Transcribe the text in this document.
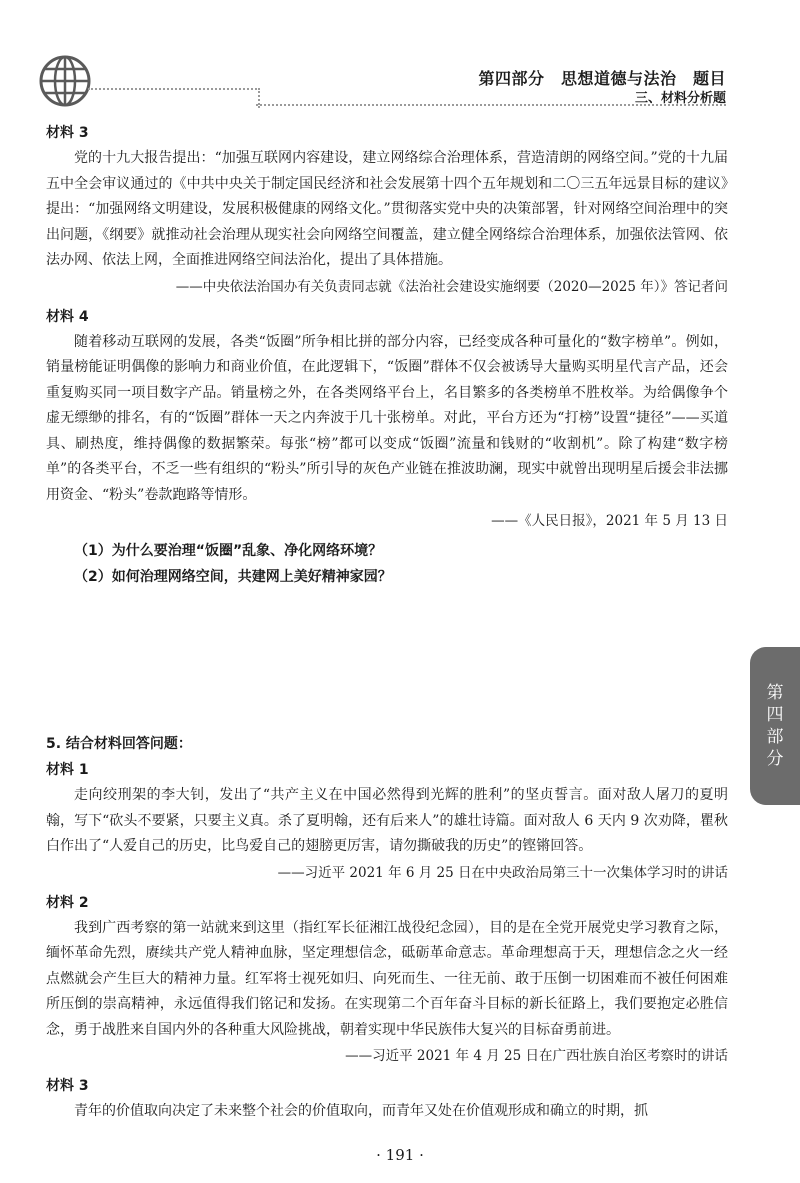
第四部分　思想道德与法治　题目
三、材料分析题
材料 3

党的十九大报告提出：“加强互联网内容建设，建立网络综合治理体系，营造清朗的网络空间。”党的十九届五中全会审议通过的《中共中央关于制定国民经济和社会发展第十四个五年规划和二〇三五年远景目标的建议》提出：“加强网络文明建设，发展积极健康的网络文化。”贯彻落实党中央的决策部署，针对网络空间治理中的突出问题，《纲要》就推动社会治理从现实社会向网络空间覆盖，建立健全网络综合治理体系，加强依法管网、依法办网、依法上网，全面推进网络空间法治化，提出了具体措施。

——中央依法治国办有关负责同志就《法治社会建设实施纲要（2020—2025 年）》答记者问

材料 4

随着移动互联网的发展，各类“饭圈”所争相比拼的部分内容，已经变成各种可量化的“数字榜单”。例如，销量榜能证明偶像的影响力和商业价值，在此逻辑下，“饭圈”群体不仅会被诱导大量购买明星代言产品，还会重复购买同一项目数字产品。销量榜之外，在各类网络平台上，名目繁多的各类榜单不胜枚举。为给偶像争个虚无缥缈的排名，有的“饭圈”群体一天之内奔波于几十张榜单。对此，平台方还为“打榜”设置“捷径”——买道具、刷热度，维持偶像的数据繁荣。每张“榜”都可以变成“饭圈”流量和钱财的“收割机”。除了构建“数字榜单”的各类平台，不乏一些有组织的“粉头”所引导的灰色产业链在推波助澜，现实中就曾出现明星后援会非法挪用资金、“粉头”卷款跑路等情形。

——《人民日报》，2021 年 5 月 13 日

（1）为什么要治理“饭圈”乱象、净化网络环境？

（2）如何治理网络空间，共建网上美好精神家园？

5. 结合材料回答问题：
材料 1

走向绞刑架的李大钊，发出了“共产主义在中国必然得到光辉的胜利”的坚贞誓言。面对敌人屠刀的夏明翰，写下“砍头不要紧，只要主义真。杀了夏明翰，还有后来人”的雄壮诗篇。面对敌人 6 天内 9 次劝降，瞿秋白作出了“人爱自己的历史，比鸟爱自己的翅膀更厉害，请勿撕破我的历史”的铿锵回答。

——习近平 2021 年 6 月 25 日在中央政治局第三十一次集体学习时的讲话

材料 2

我到广西考察的第一站就来到这里（指红军长征湘江战役纪念园），目的是在全党开展党史学习教育之际，缅怀革命先烈，赓续共产党人精神血脉，坚定理想信念，砥砺革命意志。革命理想高于天，理想信念之火一经点燃就会产生巨大的精神力量。红军将士视死如归、向死而生、一往无前、敢于压倒一切困难而不被任何困难所压倒的崇高精神，永远值得我们铭记和发扬。在实现第二个百年奋斗目标的新长征路上，我们要抱定必胜信念，勇于战胜来自国内外的各种重大风险挑战，朝着实现中华民族伟大复兴的目标奋勇前进。

——习近平 2021 年 4 月 25 日在广西壮族自治区考察时的讲话

材料 3

青年的价值取向决定了未来整个社会的价值取向，而青年又处在价值观形成和确立的时期，抓

第四部分
· 191 ·
